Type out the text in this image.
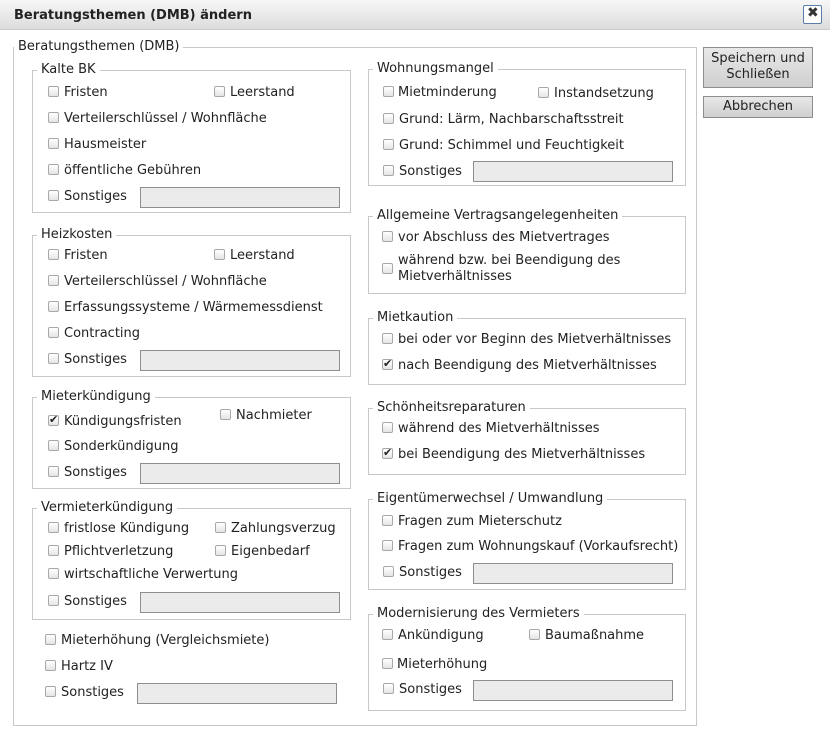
Beratungsthemen (DMB) ändern	✖
Beratungsthemen (DMB)
Speichern und Schließen
Abbrechen
Kalte BK
Fristen	Leerstand
Verteilerschlüssel / Wohnfläche
Hausmeister
öffentliche Gebühren
Sonstiges
Heizkosten
Fristen	Leerstand
Verteilerschlüssel / Wohnfläche
Erfassungssysteme / Wärmemessdienst
Contracting
Sonstiges
Mieterkündigung
✔
Kündigungsfristen	Nachmieter
Sonderkündigung
Sonstiges
Vermieterkündigung
fristlose Kündigung	Zahlungsverzug
Pflichtverletzung	Eigenbedarf
wirtschaftliche Verwertung
Sonstiges
Mieterhöhung (Vergleichsmiete)
Hartz IV
Sonstiges
Wohnungsmangel
Mietminderung	Instandsetzung
Grund: Lärm, Nachbarschaftsstreit
Grund: Schimmel und Feuchtigkeit
Sonstiges
Allgemeine Vertragsangelegenheiten
vor Abschluss des Mietvertrages
während bzw. bei Beendigung des
Mietverhältnisses
Mietkaution
bei oder vor Beginn des Mietverhältnisses
✔
nach Beendigung des Mietverhältnisses
Schönheitsreparaturen
während des Mietverhältnisses
✔
bei Beendigung des Mietverhältnisses
Eigentümerwechsel / Umwandlung
Fragen zum Mieterschutz
Fragen zum Wohnungskauf (Vorkaufsrecht)
Sonstiges
Modernisierung des Vermieters
Ankündigung	Baumaßnahme
Mieterhöhung
Sonstiges
